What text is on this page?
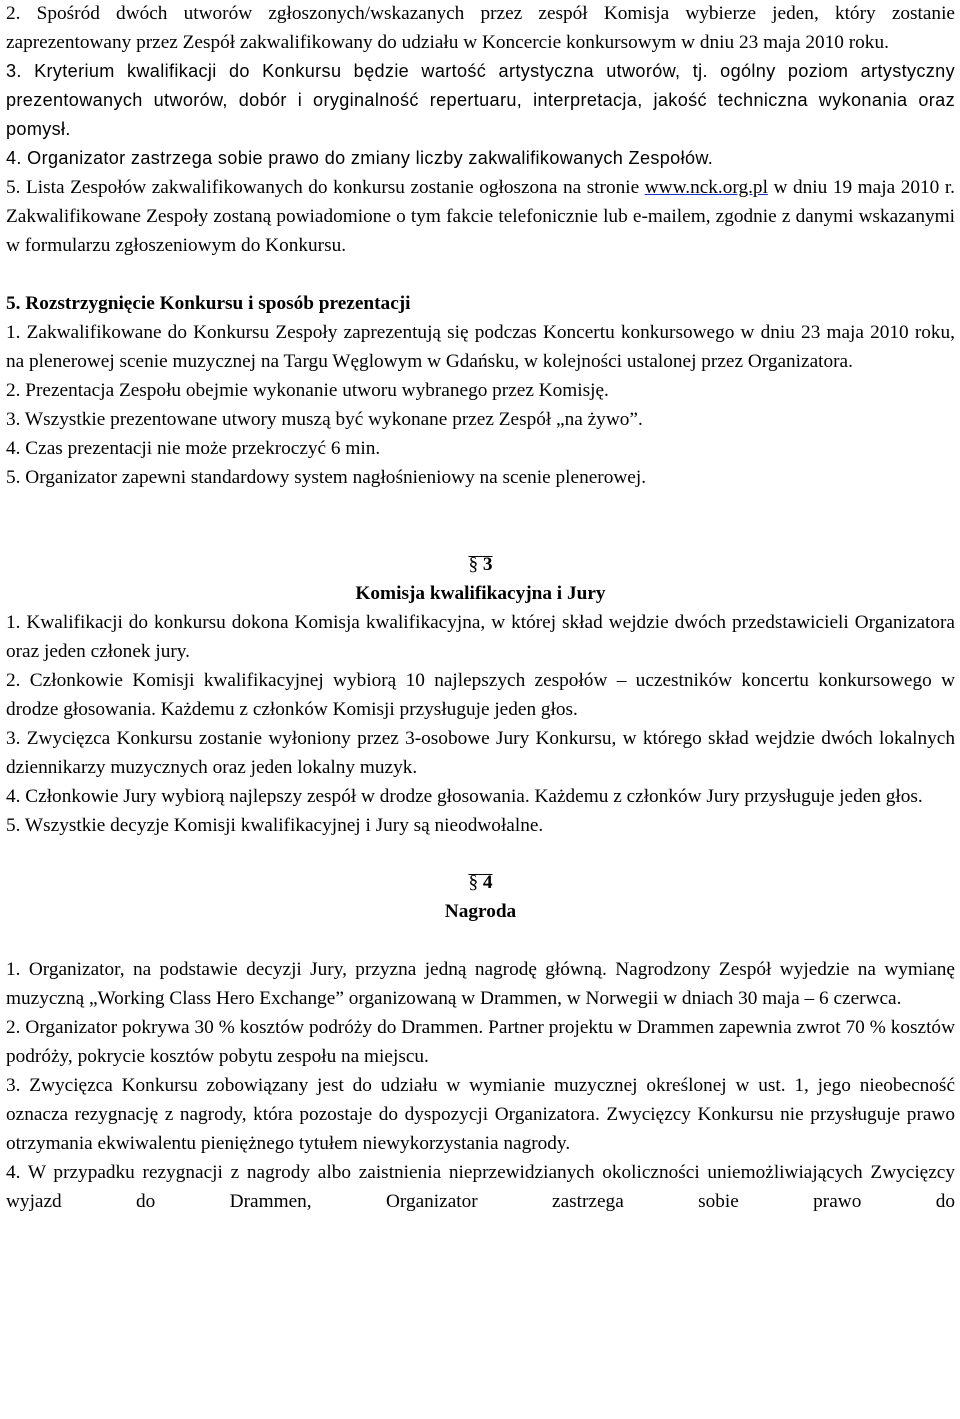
2. Spośród dwóch utworów zgłoszonych/wskazanych przez zespół Komisja wybierze jeden, który zostanie zaprezentowany przez Zespół zakwalifikowany do udziału w Koncercie konkursowym w dniu 23 maja 2010 roku.

3. Kryterium kwalifikacji do Konkursu będzie wartość artystyczna utworów, tj. ogólny poziom artystyczny prezentowanych utworów, dobór i oryginalność repertuaru, interpretacja, jakość techniczna wykonania oraz pomysł.

4. Organizator zastrzega sobie prawo do zmiany liczby zakwalifikowanych Zespołów.

5. Lista Zespołów zakwalifikowanych do konkursu zostanie ogłoszona na stronie www.nck.org.pl w dniu 19 maja 2010 r. Zakwalifikowane Zespoły zostaną powiadomione o tym fakcie telefonicznie lub e-mailem, zgodnie z danymi wskazanymi w formularzu zgłoszeniowym do Konkursu.

5. Rozstrzygnięcie Konkursu i sposób prezentacji

1. Zakwalifikowane do Konkursu Zespoły zaprezentują się podczas Koncertu konkursowego w dniu 23 maja 2010 roku, na plenerowej scenie muzycznej na Targu Węglowym w Gdańsku, w kolejności ustalonej przez Organizatora.

2. Prezentacja Zespołu obejmie wykonanie utworu wybranego przez Komisję.

3. Wszystkie prezentowane utwory muszą być wykonane przez Zespół „na żywo”.

4. Czas prezentacji nie może przekroczyć 6 min.

5. Organizator zapewni standardowy system nagłośnieniowy na scenie plenerowej.

§ 3

Komisja kwalifikacyjna i Jury

1. Kwalifikacji do konkursu dokona Komisja kwalifikacyjna, w której skład wejdzie dwóch przedstawicieli Organizatora oraz jeden członek jury.

2. Członkowie Komisji kwalifikacyjnej wybiorą 10 najlepszych zespołów – uczestników koncertu konkursowego w drodze głosowania. Każdemu z członków Komisji przysługuje jeden głos.

3. Zwycięzca Konkursu zostanie wyłoniony przez 3-osobowe Jury Konkursu, w którego skład wejdzie dwóch lokalnych dziennikarzy muzycznych oraz jeden lokalny muzyk.

4. Członkowie Jury wybiorą najlepszy zespół w drodze głosowania. Każdemu z członków Jury przysługuje jeden głos.

5. Wszystkie decyzje Komisji kwalifikacyjnej i Jury są nieodwołalne.

§ 4

Nagroda

1. Organizator, na podstawie decyzji Jury, przyzna jedną nagrodę główną. Nagrodzony Zespół wyjedzie na wymianę muzyczną „Working Class Hero Exchange” organizowaną w Drammen, w Norwegii w dniach 30 maja – 6 czerwca.

2. Organizator pokrywa 30 % kosztów podróży do Drammen. Partner projektu w Drammen zapewnia zwrot 70 % kosztów podróży, pokrycie kosztów pobytu zespołu na miejscu.

3. Zwycięzca Konkursu zobowiązany jest do udziału w wymianie muzycznej określonej w ust. 1, jego nieobecność oznacza rezygnację z nagrody, która pozostaje do dyspozycji Organizatora. Zwycięzcy Konkursu nie przysługuje prawo otrzymania ekwiwalentu pieniężnego tytułem niewykorzystania nagrody.

4. W przypadku rezygnacji z nagrody albo zaistnienia nieprzewidzianych okoliczności uniemożliwiających Zwycięzcy wyjazd do Drammen, Organizator zastrzega sobie prawo do
